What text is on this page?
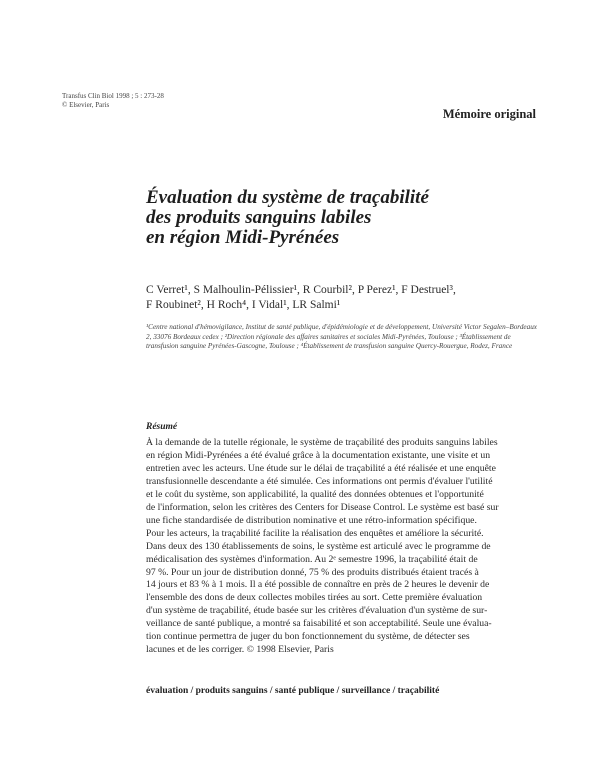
Transfus Clin Biol 1998 ; 5 : 273-28
© Elsevier, Paris
Mémoire original
Évaluation du système de traçabilité
des produits sanguins labiles
en région Midi-Pyrénées
C Verret¹, S Malhoulin-Pélissier¹, R Courbil², P Perez¹, F Destruel³,
F Roubinet², H Roch⁴, I Vidal¹, LR Salmi¹
¹Centre national d'hémovigilance, Institut de santé publique, d'épidémiologie et de développement, Université Victor Segalen–Bordeaux 2, 33076 Bordeaux cedex ; ²Direction régionale des affaires sanitaires et sociales Midi-Pyrénées, Toulouse ; ³Établissement de transfusion sanguine Pyrénées-Gascogne, Toulouse ; ⁴Établissement de transfusion sanguine Quercy-Rouergue, Rodez, France
Résumé
À la demande de la tutelle régionale, le système de traçabilité des produits sanguins labiles
en région Midi-Pyrénées a été évalué grâce à la documentation existante, une visite et un
entretien avec les acteurs. Une étude sur le délai de traçabilité a été réalisée et une enquête
transfusionnelle descendante a été simulée. Ces informations ont permis d'évaluer l'utilité
et le coût du système, son applicabilité, la qualité des données obtenues et l'opportunité
de l'information, selon les critères des Centers for Disease Control. Le système est basé sur
une fiche standardisée de distribution nominative et une rétro-information spécifique.
Pour les acteurs, la traçabilité facilite la réalisation des enquêtes et améliore la sécurité.
Dans deux des 130 établissements de soins, le système est articulé avec le programme de
médicalisation des systèmes d'information. Au 2ᵉ semestre 1996, la traçabilité était de
97 %. Pour un jour de distribution donné, 75 % des produits distribués étaient tracés à
14 jours et 83 % à 1 mois. Il a été possible de connaître en près de 2 heures le devenir de
l'ensemble des dons de deux collectes mobiles tirées au sort. Cette première évaluation
d'un système de traçabilité, étude basée sur les critères d'évaluation d'un système de sur-
veillance de santé publique, a montré sa faisabilité et son acceptabilité. Seule une évalua-
tion continue permettra de juger du bon fonctionnement du système, de détecter ses
lacunes et de les corriger. © 1998 Elsevier, Paris
évaluation / produits sanguins / santé publique / surveillance / traçabilité
